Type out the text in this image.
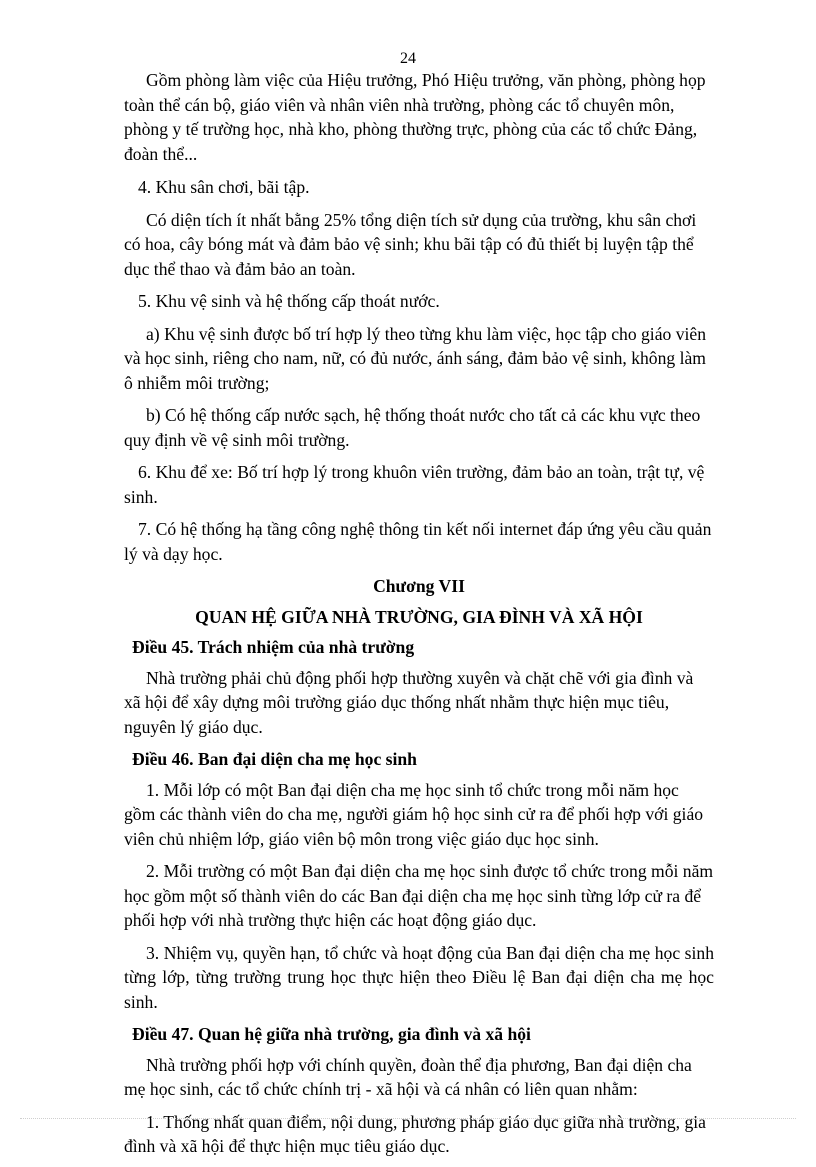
24

Gồm phòng làm việc của Hiệu trưởng, Phó Hiệu trưởng, văn phòng, phòng họp toàn thể cán bộ, giáo viên và nhân viên nhà trường, phòng các tổ chuyên môn, phòng y tế trường học, nhà kho, phòng thường trực, phòng của các tổ chức Đảng, đoàn thể...

4. Khu sân chơi, bãi tập.

Có diện tích ít nhất bằng 25% tổng diện tích sử dụng của trường, khu sân chơi có hoa, cây bóng mát và đảm bảo vệ sinh; khu bãi tập có đủ thiết bị luyện tập thể dục thể thao và đảm bảo an toàn.

5. Khu vệ sinh và hệ thống cấp thoát nước.

a) Khu vệ sinh được bố trí hợp lý theo từng khu làm việc, học tập cho giáo viên và học sinh, riêng cho nam, nữ, có đủ nước, ánh sáng, đảm bảo vệ sinh, không làm ô nhiễm môi trường;

b) Có hệ thống cấp nước sạch, hệ thống thoát nước cho tất cả các khu vực theo quy định về vệ sinh môi trường.

6. Khu để xe: Bố trí hợp lý trong khuôn viên trường, đảm bảo an toàn, trật tự, vệ sinh.

7. Có hệ thống hạ tầng công nghệ thông tin kết nối internet đáp ứng yêu cầu quản lý và dạy học.

Chương VII

QUAN HỆ GIỮA NHÀ TRƯỜNG, GIA ĐÌNH VÀ XÃ HỘI

Điều 45. Trách nhiệm của nhà trường

Nhà trường phải chủ động phối hợp thường xuyên và chặt chẽ với gia đình và xã hội để xây dựng môi trường giáo dục thống nhất nhằm thực hiện mục tiêu, nguyên lý giáo dục.

Điều 46. Ban đại diện cha mẹ học sinh

1. Mỗi lớp có một Ban đại diện cha mẹ học sinh tổ chức trong mỗi năm học gồm các thành viên do cha mẹ, người giám hộ học sinh cử ra để phối hợp với giáo viên chủ nhiệm lớp, giáo viên bộ môn trong việc giáo dục học sinh.

2. Mỗi trường có một Ban đại diện cha mẹ học sinh được tổ chức trong mỗi năm học gồm một số thành viên do các Ban đại diện cha mẹ học sinh từng lớp cử ra để phối hợp với nhà trường thực hiện các hoạt động giáo dục.

3. Nhiệm vụ, quyền hạn, tổ chức và hoạt động của Ban đại diện cha mẹ học sinh từng lớp, từng trường trung học thực hiện theo Điều lệ Ban đại diện cha mẹ học sinh.

Điều 47. Quan hệ giữa nhà trường, gia đình và xã hội

Nhà trường phối hợp với chính quyền, đoàn thể địa phương, Ban đại diện cha mẹ học sinh, các tổ chức chính trị - xã hội và cá nhân có liên quan nhằm:

1. Thống nhất quan điểm, nội dung, phương pháp giáo dục giữa nhà trường, gia đình và xã hội để thực hiện mục tiêu giáo dục.
